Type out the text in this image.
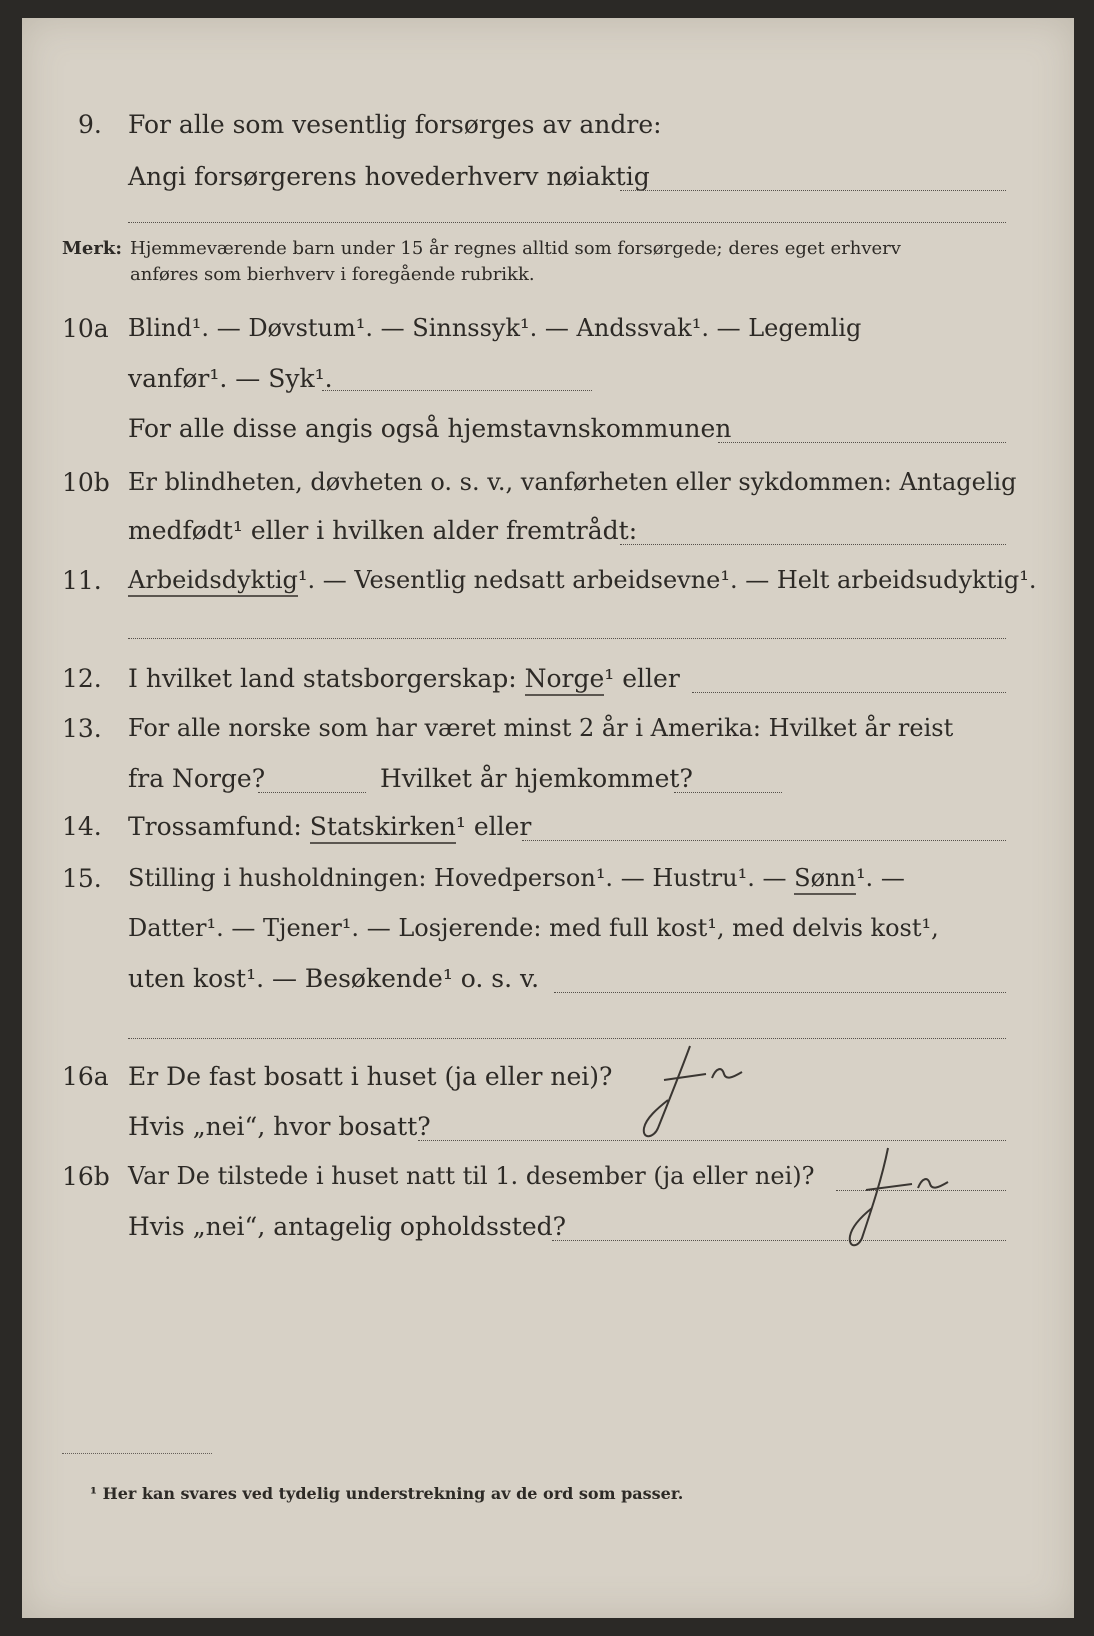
9. For alle som vesentlig forsørges av andre:
Angi forsørgerens hovederhverv nøiaktig
Merk: Hjemmeværende barn under 15 år regnes alltid som forsørgede; deres eget erhverv
anføres som bierhverv i foregående rubrikk.
10a Blind¹. — Døvstum¹. — Sinnssyk¹. — Andssvak¹. — Legemlig
vanfør¹. — Syk¹.
For alle disse angis også hjemstavnskommunen
10b Er blindheten, døvheten o. s. v., vanførheten eller sykdommen: Antagelig
medfødt¹ eller i hvilken alder fremtrådt:
11. Arbeidsdyktig¹. — Vesentlig nedsatt arbeidsevne¹. — Helt arbeidsudyktig¹.
12. I hvilket land statsborgerskap: Norge¹ eller
13. For alle norske som har været minst 2 år i Amerika: Hvilket år reist
fra Norge?	Hvilket år hjemkommet?
14. Trossamfund: Statskirken¹ eller
15. Stilling i husholdningen: Hovedperson¹. — Hustru¹. — Sønn¹. —
Datter¹. — Tjener¹. — Losjerende: med full kost¹, med delvis kost¹,
uten kost¹. — Besøkende¹ o. s. v.
16a Er De fast bosatt i huset (ja eller nei)?
Hvis „nei“, hvor bosatt?
16b Var De tilstede i huset natt til 1. desember (ja eller nei)?
Hvis „nei“, antagelig opholdssted?
¹ Her kan svares ved tydelig understrekning av de ord som passer.
